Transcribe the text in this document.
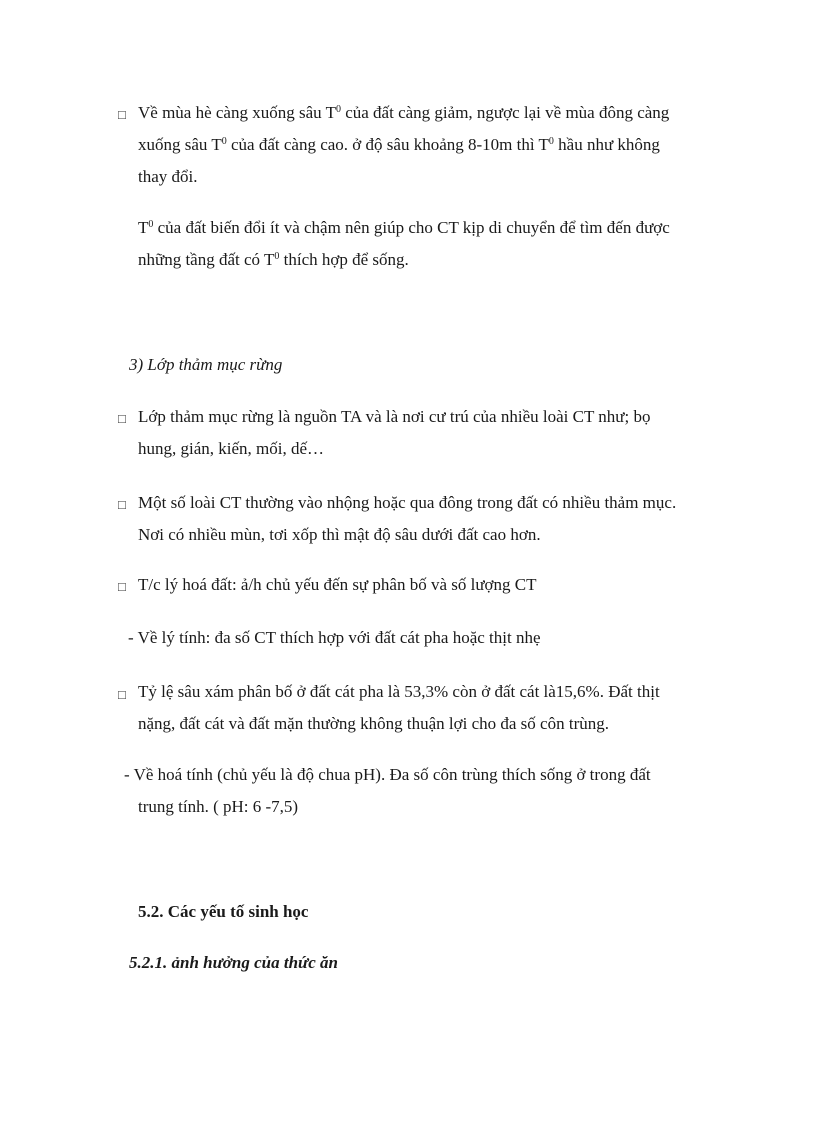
□ Về mùa hè càng xuống sâu $T^0$ của đất càng giảm, ngược lại về mùa đông càng
xuống sâu $T^0$ của đất càng cao. ở độ sâu khoảng 8-10m thì $T^0$ hầu như không
thay đổi.
$T^0$ của đất biến đổi ít và chậm nên giúp cho CT kịp di chuyển để tìm đến được
những tầng đất có $T^0$ thích hợp để sống.
3) Lớp thảm mục rừng
□ Lớp thảm mục rừng là nguồn TA và là nơi cư trú của nhiều loài CT như; bọ
hung, gián, kiến, mối, dế…
□ Một số loài CT thường vào nhộng hoặc qua đông trong đất có nhiều thảm mục.
Nơi có nhiều mùn, tơi xốp thì mật độ sâu dưới đất cao hơn.
□ T/c lý hoá đất: ả/h chủ yếu đến sự phân bố và số lượng CT
- Về lý tính: đa số CT thích hợp với đất cát pha hoặc thịt nhẹ
□ Tỷ lệ sâu xám phân bố ở đất cát pha là 53,3% còn ở đất cát là15,6%. Đất thịt
nặng, đất cát và đất mặn thường không thuận lợi cho đa số côn trùng.
- Về hoá tính (chủ yếu là độ chua pH). Đa số côn trùng thích sống ở trong đất
trung tính. ( pH: 6 -7,5)
5.2. Các yếu tố sinh học
5.2.1. ảnh hưởng của thức ăn
